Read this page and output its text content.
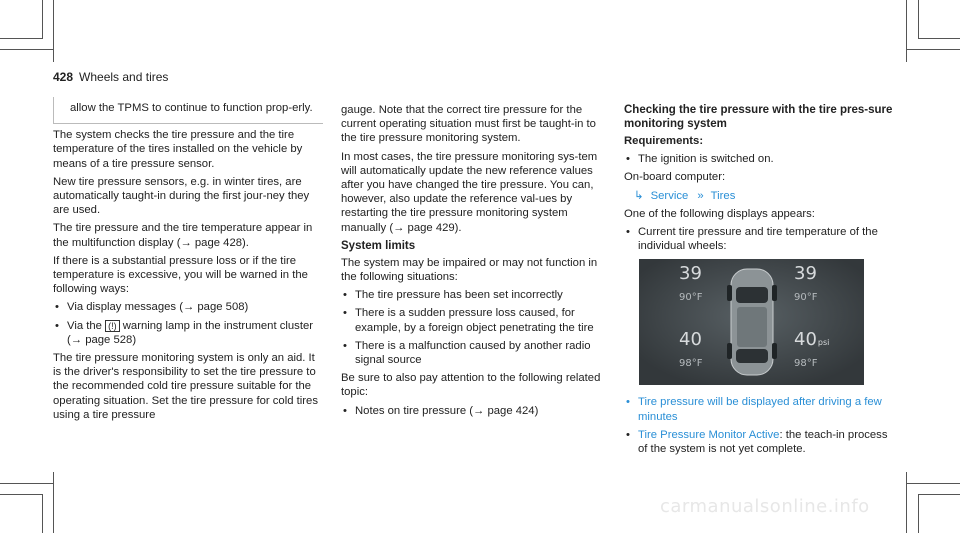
428 Wheels and tires

allow the TPMS to continue to function prop-erly.

The system checks the tire pressure and the tire temperature of the tires installed on the vehicle by means of a tire pressure sensor.

New tire pressure sensors, e.g. in winter tires, are automatically taught-in during the first jour-ney they are used.

The tire pressure and the tire temperature appear in the multifunction display (→ page 428).

If there is a substantial pressure loss or if the tire temperature is excessive, you will be warned in the following ways:

• Via display messages (→ page 508)

• Via the (!) warning lamp in the instrument cluster (→ page 528)

The tire pressure monitoring system is only an aid. It is the driver's responsibility to set the tire pressure to the recommended cold tire pressure suitable for the operating situation. Set the tire pressure for cold tires using a tire pressure

gauge. Note that the correct tire pressure for the current operating situation must first be taught-in to the tire pressure monitoring system.

In most cases, the tire pressure monitoring sys-tem will automatically update the new reference values after you have changed the tire pressure. You can, however, also update the reference val-ues by restarting the tire pressure monitoring system manually (→ page 429).

System limits

The system may be impaired or may not function in the following situations:

• The tire pressure has been set incorrectly

• There is a sudden pressure loss caused, for example, by a foreign object penetrating the tire

• There is a malfunction caused by another radio signal source

Be sure to also pay attention to the following related topic:

• Notes on tire pressure (→ page 424)

Checking the tire pressure with the tire pres-sure monitoring system

Requirements:

• The ignition is switched on.

On-board computer:

↳ Service » Tires

One of the following displays appears:

• Current tire pressure and tire temperature of the individual wheels:

39
90°F
39
90°F
40
98°F
40psi
98°F

• Tire pressure will be displayed after driving a few minutes

• Tire Pressure Monitor Active: the teach-in process of the system is not yet complete.

carmanualsonline.info
